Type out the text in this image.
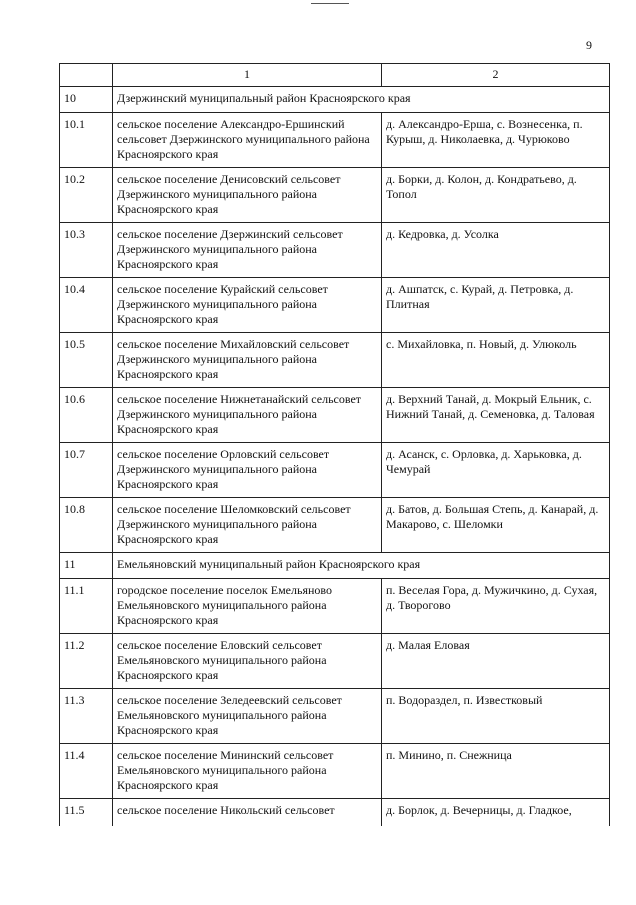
9
	1	2
10	Дзержинский муниципальный район Красноярского края	
10.1	сельское поселение Александро-Ершинский сельсовет Дзержинского муниципального района Красноярского края	д. Александро-Ерша, с. Вознесенка, п. Курыш, д. Николаевка, д. Чурюково
10.2	сельское поселение Денисовский сельсовет Дзержинского муниципального района Красноярского края	д. Борки, д. Колон, д. Кондратьево, д. Топол
10.3	сельское поселение Дзержинский сельсовет Дзержинского муниципального района Красноярского края	д. Кедровка, д. Усолка
10.4	сельское поселение Курайский сельсовет Дзержинского муниципального района Красноярского края	д. Ашпатск, с. Курай, д. Петровка, д. Плитная
10.5	сельское поселение Михайловский сельсовет Дзержинского муниципального района Красноярского края	с. Михайловка, п. Новый, д. Улюколь
10.6	сельское поселение Нижнетанайский сельсовет Дзержинского муниципального района Красноярского края	д. Верхний Танай, д. Мокрый Ельник, с. Нижний Танай, д. Семеновка, д. Таловая
10.7	сельское поселение Орловский сельсовет Дзержинского муниципального района Красноярского края	д. Асанск, с. Орловка, д. Харьковка, д. Чемурай
10.8	сельское поселение Шеломковский сельсовет Дзержинского муниципального района Красноярского края	д. Батов, д. Большая Степь, д. Канарай, д. Макарово, с. Шеломки
11	Емельяновский муниципальный район Красноярского края	
11.1	городское поселение поселок Емельяново Емельяновского муниципального района Красноярского края	п. Веселая Гора, д. Мужичкино, д. Сухая, д. Творогово
11.2	сельское поселение Еловский сельсовет Емельяновского муниципального района Красноярского края	д. Малая Еловая
11.3	сельское поселение Зеледеевский сельсовет Емельяновского муниципального района Красноярского края	п. Водораздел, п. Известковый
11.4	сельское поселение Мининский сельсовет Емельяновского муниципального района Красноярского края	п. Минино, п. Снежница
11.5	сельское поселение Никольский сельсовет	д. Борлок, д. Вечерницы, д. Гладкое,
